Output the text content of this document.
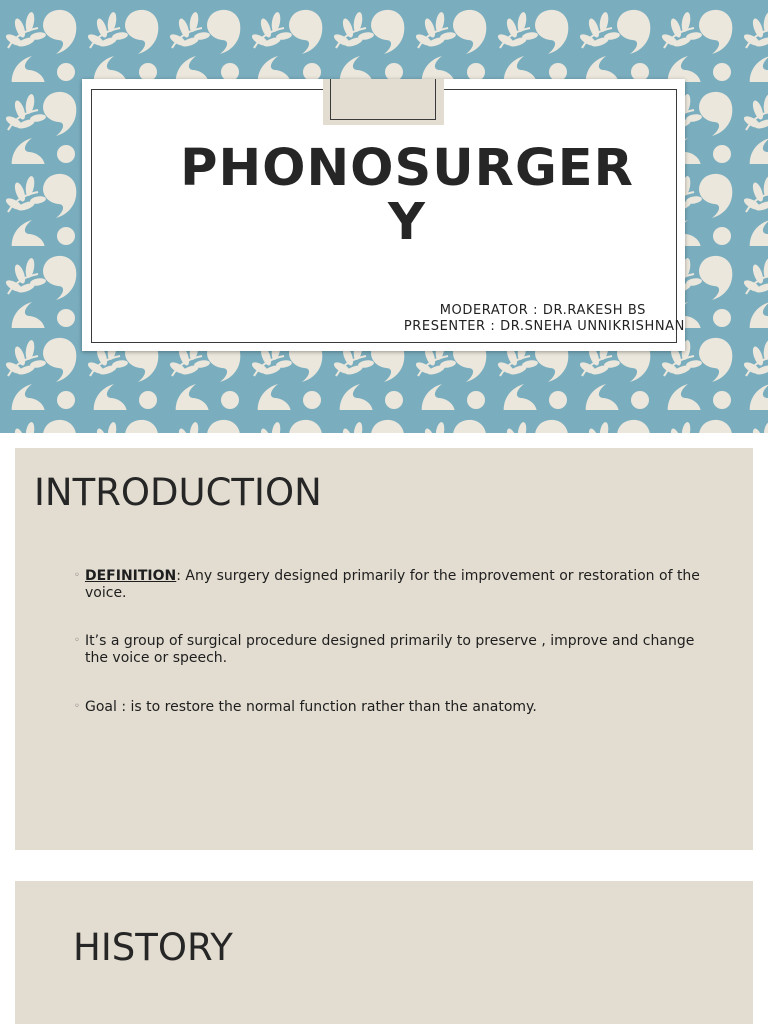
PHONOSURGERY
MODERATOR : DR.RAKESH BS
PRESENTER : DR.SNEHA UNNIKRISHNAN
INTRODUCTION
◦ DEFINITION: Any surgery designed primarily for the improvement or restoration of the voice.
◦ It’s a group of surgical procedure designed primarily to preserve , improve and change the voice or speech.
◦ Goal : is to restore the normal function rather than the anatomy.
HISTORY
